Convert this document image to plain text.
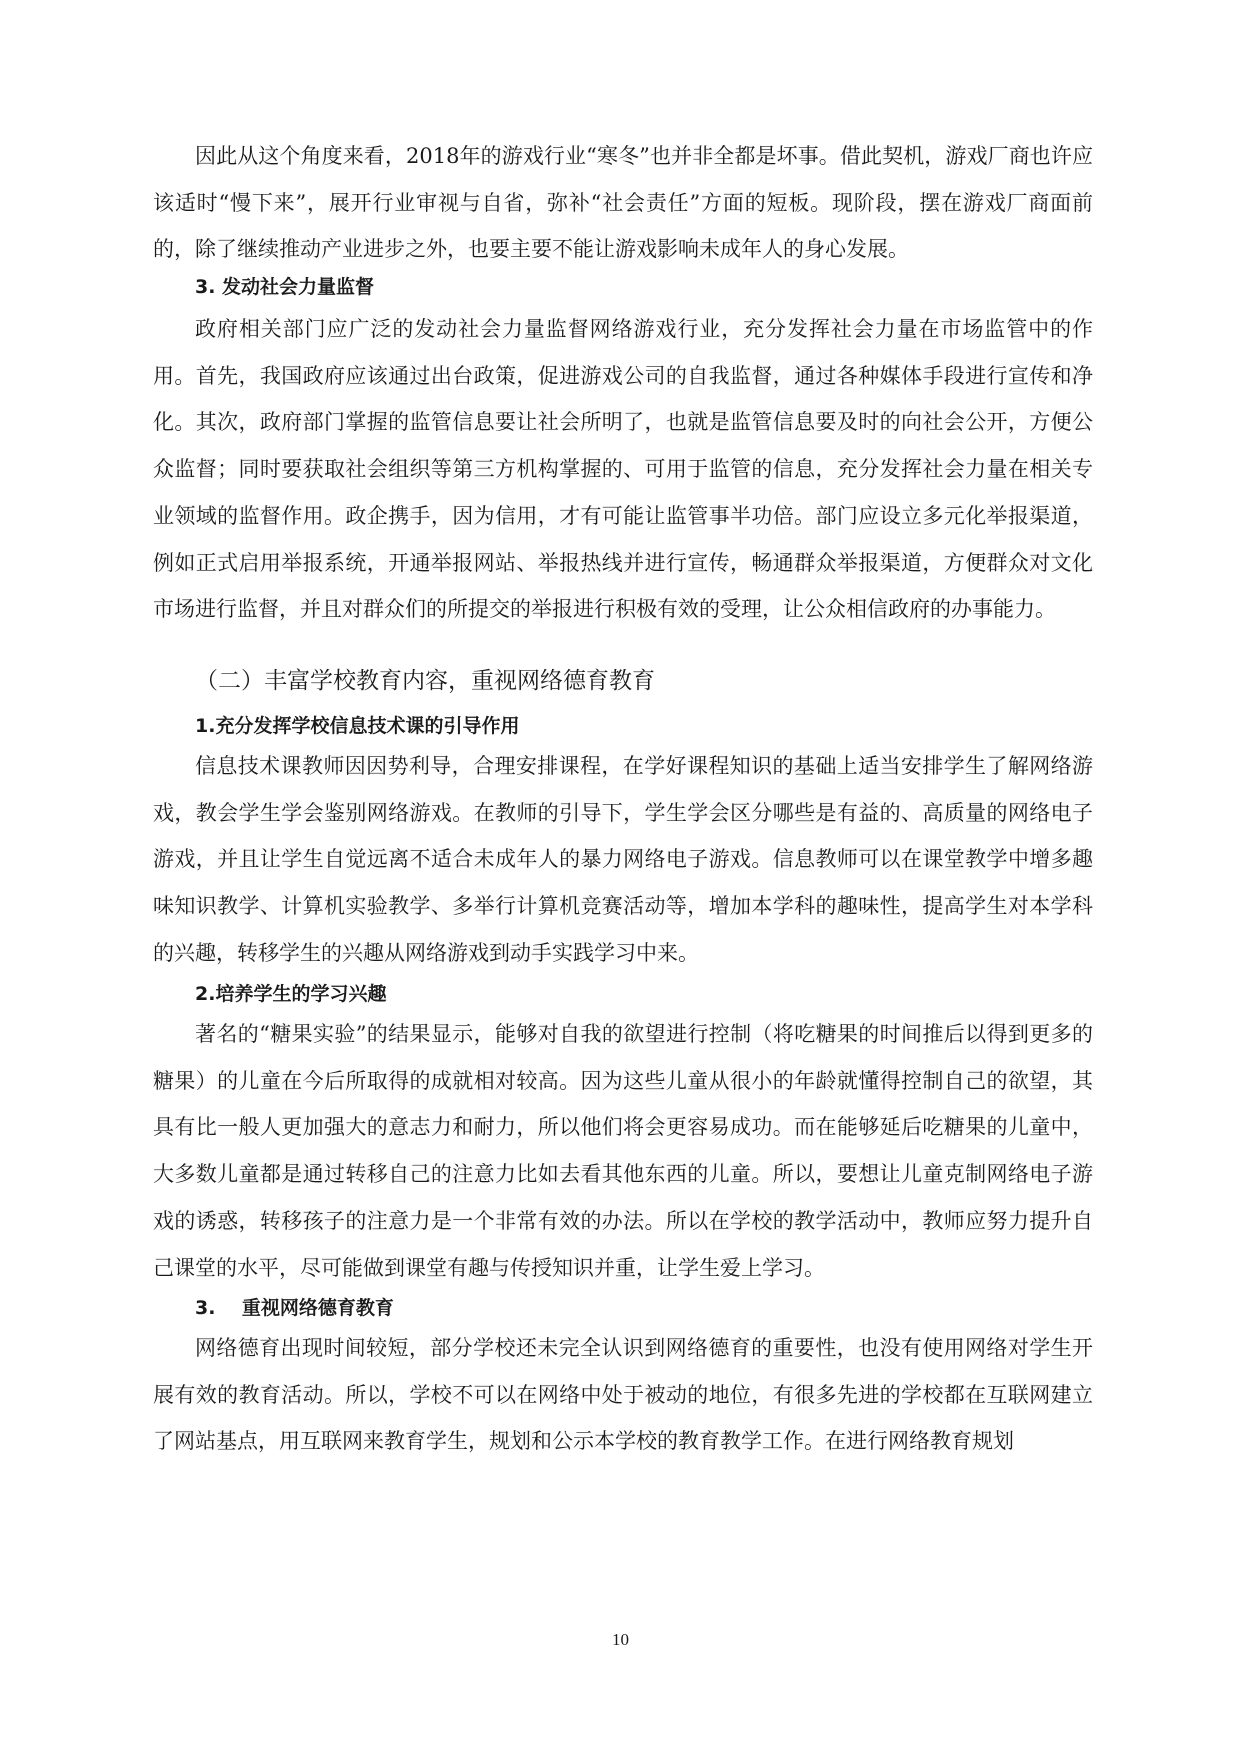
因此从这个角度来看，2018年的游戏行业“寒冬”也并非全都是坏事。借此契机，游戏厂商也许应该适时“慢下来”，展开行业审视与自省，弥补“社会责任”方面的短板。现阶段，摆在游戏厂商面前的，除了继续推动产业进步之外，也要主要不能让游戏影响未成年人的身心发展。

3. 发动社会力量监督

政府相关部门应广泛的发动社会力量监督网络游戏行业，充分发挥社会力量在市场监管中的作用。首先，我国政府应该通过出台政策，促进游戏公司的自我监督，通过各种媒体手段进行宣传和净化。其次，政府部门掌握的监管信息要让社会所明了，也就是监管信息要及时的向社会公开，方便公众监督；同时要获取社会组织等第三方机构掌握的、可用于监管的信息，充分发挥社会力量在相关专业领域的监督作用。政企携手，因为信用，才有可能让监管事半功倍。部门应设立多元化举报渠道，例如正式启用举报系统，开通举报网站、举报热线并进行宣传，畅通群众举报渠道，方便群众对文化市场进行监督，并且对群众们的所提交的举报进行积极有效的受理，让公众相信政府的办事能力。

（二）丰富学校教育内容，重视网络德育教育
1.充分发挥学校信息技术课的引导作用

信息技术课教师因因势利导，合理安排课程，在学好课程知识的基础上适当安排学生了解网络游戏，教会学生学会鉴别网络游戏。在教师的引导下，学生学会区分哪些是有益的、高质量的网络电子游戏，并且让学生自觉远离不适合未成年人的暴力网络电子游戏。信息教师可以在课堂教学中增多趣味知识教学、计算机实验教学、多举行计算机竞赛活动等，增加本学科的趣味性，提高学生对本学科的兴趣，转移学生的兴趣从网络游戏到动手实践学习中来。

2.培养学生的学习兴趣

著名的“糖果实验”的结果显示，能够对自我的欲望进行控制（将吃糖果的时间推后以得到更多的糖果）的儿童在今后所取得的成就相对较高。因为这些儿童从很小的年龄就懂得控制自己的欲望，其具有比一般人更加强大的意志力和耐力，所以他们将会更容易成功。而在能够延后吃糖果的儿童中，大多数儿童都是通过转移自己的注意力比如去看其他东西的儿童。所以，要想让儿童克制网络电子游戏的诱惑，转移孩子的注意力是一个非常有效的办法。所以在学校的教学活动中，教师应努力提升自己课堂的水平，尽可能做到课堂有趣与传授知识并重，让学生爱上学习。

3.    重视网络德育教育

网络德育出现时间较短，部分学校还未完全认识到网络德育的重要性，也没有使用网络对学生开展有效的教育活动。所以，学校不可以在网络中处于被动的地位，有很多先进的学校都在互联网建立了网站基点，用互联网来教育学生，规划和公示本学校的教育教学工作。在进行网络教育规划

10
